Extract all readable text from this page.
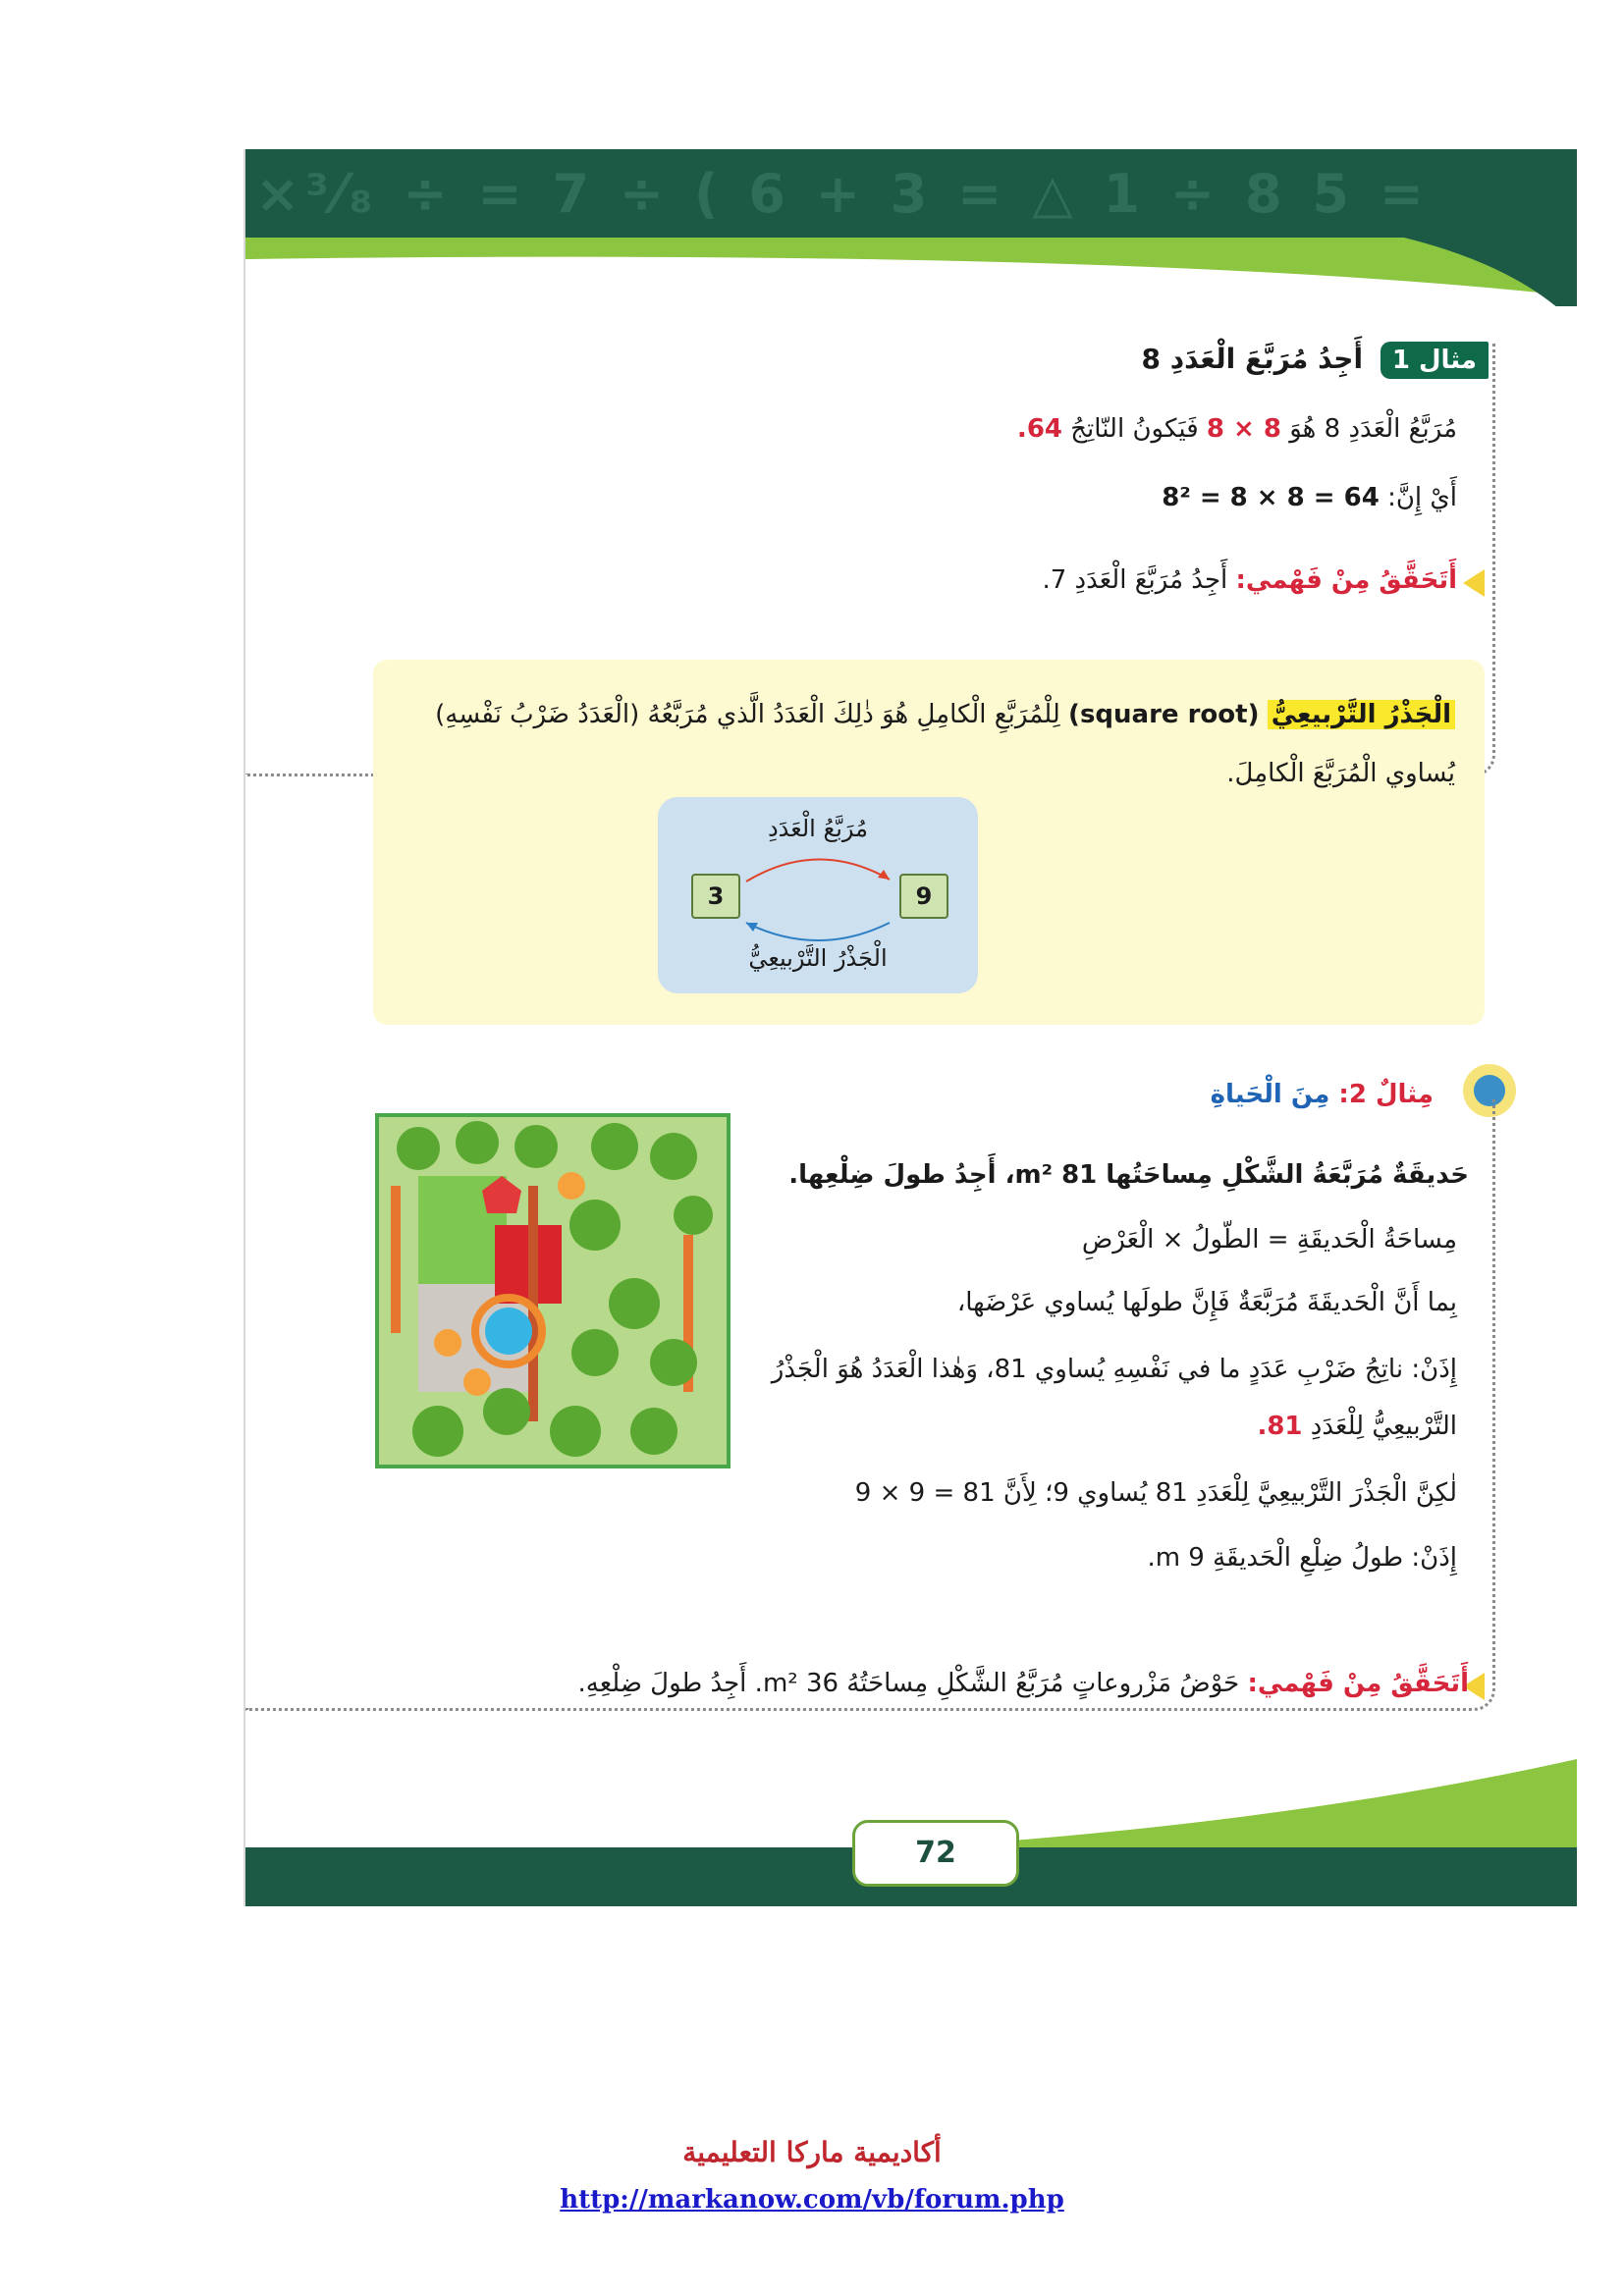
×³⁄₈ ÷ = 7 ÷ ( 6 + 3 = △ 1 ÷ 8 5 =
مثال 1 أَجِدُ مُرَبَّعَ الْعَدَدِ 8
مُرَبَّعُ الْعَدَدِ 8 هُوَ 8 × 8 فَيَكونُ النّاتِجُ 64.
أَيْ إِنَّ: 8² = 8 × 8 = 64
أَتَحَقَّقُ مِنْ فَهْمي: أَجِدُ مُرَبَّعَ الْعَدَدِ 7.
الْجَذْرُ التَّرْبيعِيُّ (square root) لِلْمُرَبَّعِ الْكامِلِ هُوَ ذٰلِكَ الْعَدَدُ الَّذي مُرَبَّعُهُ (الْعَدَدُ ضَرْبُ نَفْسِهِ) يُساوي الْمُرَبَّعَ الْكامِلَ.
مُرَبَّعُ الْعَدَدِ
3	9
الْجَذْرُ التَّرْبيعِيُّ
مِثالٌ 2: مِنَ الْحَياةِ
حَديقَةٌ مُرَبَّعَةُ الشَّكْلِ مِساحَتُها 81 m²، أَجِدُ طولَ ضِلْعِها.
مِساحَةُ الْحَديقَةِ = الطّولُ × الْعَرْضِ
بِما أَنَّ الْحَديقَةَ مُرَبَّعَةٌ فَإِنَّ طولَها يُساوي عَرْضَها،
إِذَنْ: ناتِجُ ضَرْبِ عَدَدٍ ما في نَفْسِهِ يُساوي 81، وَهٰذا الْعَدَدُ هُوَ الْجَذْرُ
التَّرْبيعِيُّ لِلْعَدَدِ 81.
لٰكِنَّ الْجَذْرَ التَّرْبيعِيَّ لِلْعَدَدِ 81 يُساوي 9؛ لِأَنَّ 81 = 9 × 9
إِذَنْ: طولُ ضِلْعِ الْحَديقَةِ 9 m.
أَتَحَقَّقُ مِنْ فَهْمي: حَوْضُ مَزْروعاتٍ مُرَبَّعُ الشَّكْلِ مِساحَتُهُ 36 m². أَجِدُ طولَ ضِلْعِهِ.
72
أكاديمية ماركا التعليمية
http://markanow.com/vb/forum.php
